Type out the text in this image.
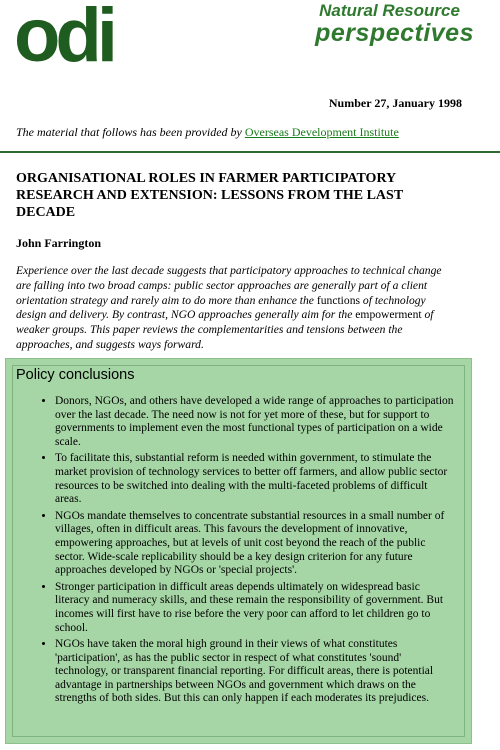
odi	Natural Resource
perspectives
Number 27, January 1998
The material that follows has been provided by Overseas Development Institute
ORGANISATIONAL ROLES IN FARMER PARTICIPATORY RESEARCH AND EXTENSION: LESSONS FROM THE LAST DECADE
John Farrington
Experience over the last decade suggests that participatory approaches to technical change are falling into two broad camps: public sector approaches are generally part of a client orientation strategy and rarely aim to do more than enhance the functions of technology design and delivery. By contrast, NGO approaches generally aim for the empowerment of weaker groups. This paper reviews the complementarities and tensions between the approaches, and suggests ways forward.
Policy conclusions
• Donors, NGOs, and others have developed a wide range of approaches to participation over the last decade. The need now is not for yet more of these, but for support to governments to implement even the most functional types of participation on a wide scale.
• To facilitate this, substantial reform is needed within government, to stimulate the market provision of technology services to better off farmers, and allow public sector resources to be switched into dealing with the multi-faceted problems of difficult areas.
• NGOs mandate themselves to concentrate substantial resources in a small number of villages, often in difficult areas. This favours the development of innovative, empowering approaches, but at levels of unit cost beyond the reach of the public sector. Wide-scale replicability should be a key design criterion for any future approaches developed by NGOs or 'special projects'.
• Stronger participation in difficult areas depends ultimately on widespread basic literacy and numeracy skills, and these remain the responsibility of government. But incomes will first have to rise before the very poor can afford to let children go to school.
• NGOs have taken the moral high ground in their views of what constitutes 'participation', as has the public sector in respect of what constitutes 'sound' technology, or transparent financial reporting. For difficult areas, there is potential advantage in partnerships between NGOs and government which draws on the strengths of both sides. But this can only happen if each moderates its prejudices.
